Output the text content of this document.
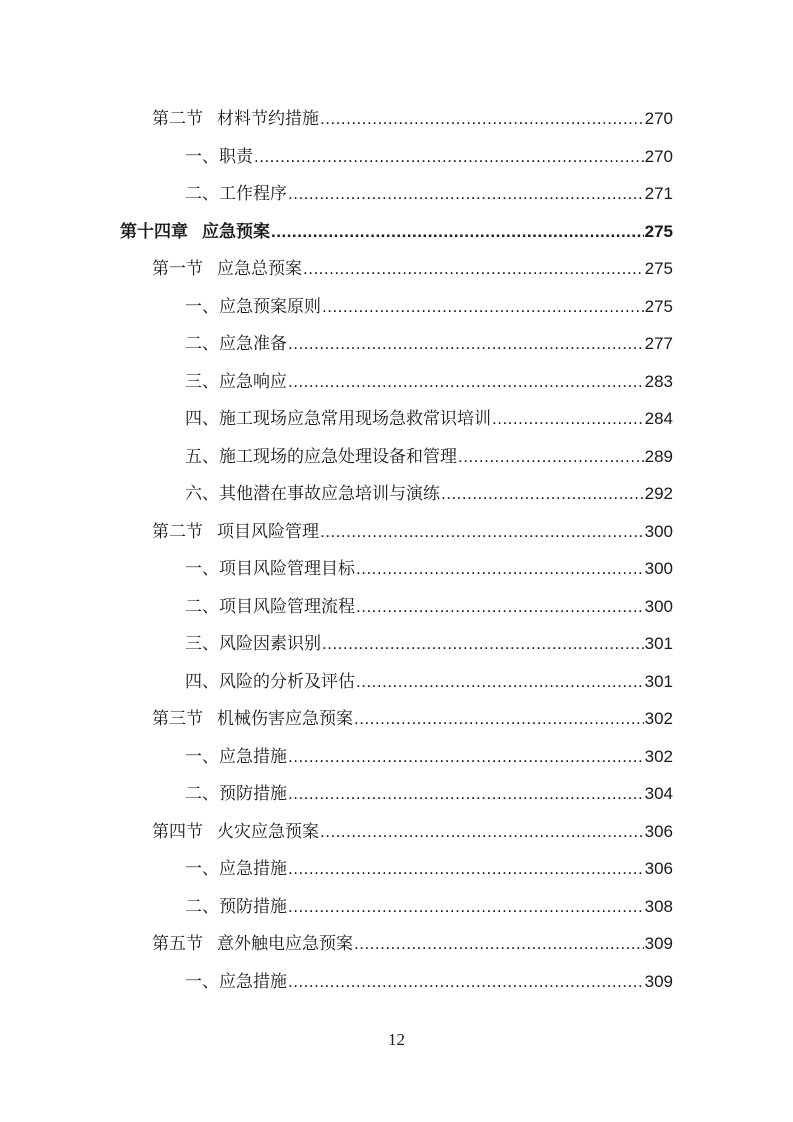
第二节 材料节约措施 .....	270
一、 职责 .....	270
二、 工作程序 .....	271
第十四章 应急预案 .....	275
第一节 应急总预案 .....	275
一、 应急预案原则 .....	275
二、 应急准备 .....	277
三、 应急响应 .....	283
四、 施工现场应急常用现场急救常识培训 .....	284
五、 施工现场的应急处理设备和管理 .....	289
六、 其他潜在事故应急培训与演练 .....	292
第二节 项目风险管理 .....	300
一、 项目风险管理目标 .....	300
二、 项目风险管理流程 .....	300
三、 风险因素识别 .....	301
四、 风险的分析及评估 .....	301
第三节 机械伤害应急预案 .....	302
一、 应急措施 .....	302
二、 预防措施 .....	304
第四节 火灾应急预案 .....	306
一、 应急措施 .....	306
二、 预防措施 .....	308
第五节 意外触电应急预案 .....	309
一、 应急措施 .....	309
12
